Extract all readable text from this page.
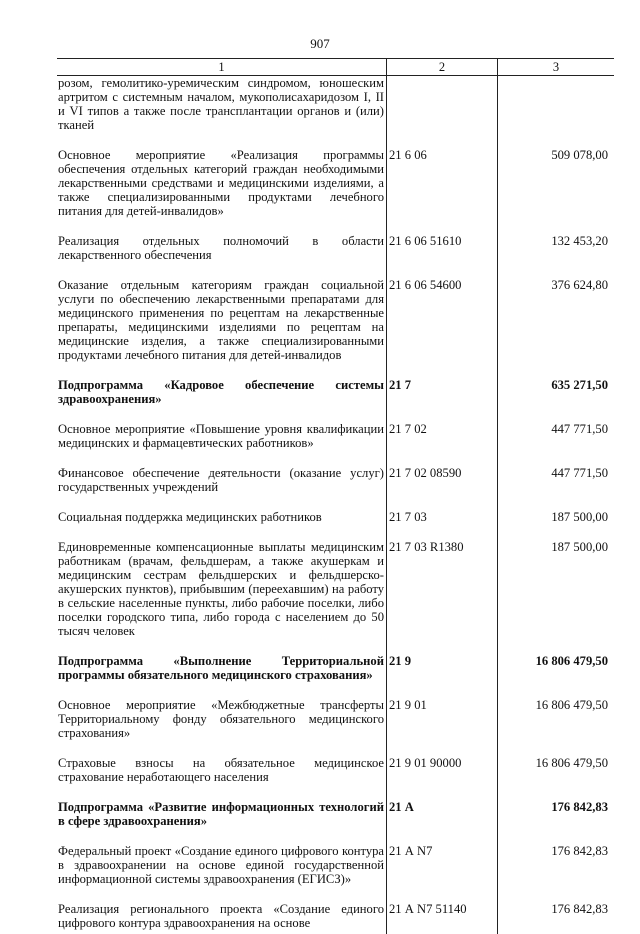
907
1	2	3
розом, гемолитико-уремическим синдромом, юношеским артритом с системным началом, мукополисахаридозом I, II и VI типов а также после трансплантации органов и (или) тканей		
Основное мероприятие «Реализация программы обеспечения отдельных категорий граждан необходимыми лекарственными средствами и медицинскими изделиями, а также специализированными продуктами лечебного питания для детей-инвалидов»	21 6 06	509 078,00
Реализация отдельных полномочий в области лекарственного обеспечения	21 6 06 51610	132 453,20
Оказание отдельным категориям граждан социальной услуги по обеспечению лекарственными препаратами для медицинского применения по рецептам на лекарственные препараты, медицинскими изделиями по рецептам на медицинские изделия, а также специализированными продуктами лечебного питания для детей-инвалидов	21 6 06 54600	376 624,80
Подпрограмма «Кадровое обеспечение системы здравоохранения»	21 7	635 271,50
Основное мероприятие «Повышение уровня квалификации медицинских и фармацевтических работников»	21 7 02	447 771,50
Финансовое обеспечение деятельности (оказание услуг) государственных учреждений	21 7 02 08590	447 771,50
Социальная поддержка медицинских работников	21 7 03	187 500,00
Единовременные компенсационные выплаты медицинским работникам (врачам, фельдшерам, а также акушеркам и медицинским сестрам фельдшерских и фельдшерско-акушерских пунктов), прибывшим (переехавшим) на работу в сельские населенные пункты, либо рабочие поселки, либо поселки городского типа, либо города с населением до 50 тысяч человек	21 7 03 R1380	187 500,00
Подпрограмма «Выполнение Территориальной программы обязательного медицинского страхования»	21 9	16 806 479,50
Основное мероприятие «Межбюджетные трансферты Территориальному фонду обязательного медицинского страхования»	21 9 01	16 806 479,50
Страховые взносы на обязательное медицинское страхование неработающего населения	21 9 01 90000	16 806 479,50
Подпрограмма «Развитие информационных технологий в сфере здравоохранения»	21 А	176 842,83
Федеральный проект «Создание единого цифрового контура в здравоохранении на основе единой государственной информационной системы здравоохранения (ЕГИСЗ)»	21 А N7	176 842,83
Реализация регионального проекта «Создание единого цифрового контура здравоохранения на основе	21 А N7 51140	176 842,83
